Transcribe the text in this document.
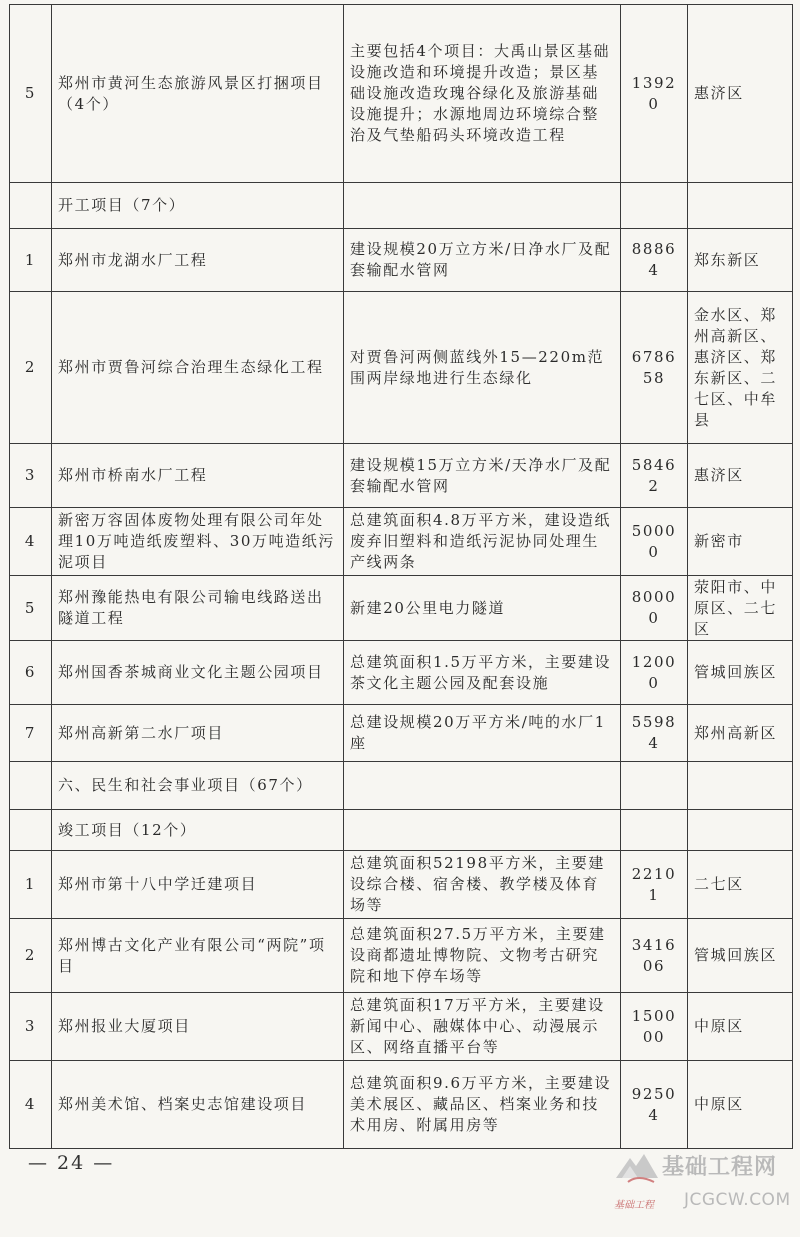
5	郑州市黄河生态旅游风景区打捆项目（4个）	主要包括4个项目：大禹山景区基础设施改造和环境提升改造；景区基础设施改造玫瑰谷绿化及旅游基础设施提升；水源地周边环境综合整治及气垫船码头环境改造工程	13920	惠济区
	开工项目（7个）			
1	郑州市龙湖水厂工程	建设规模20万立方米/日净水厂及配套输配水管网	88864	郑东新区
2	郑州市贾鲁河综合治理生态绿化工程	对贾鲁河两侧蓝线外15—220m范围两岸绿地进行生态绿化	678658	金水区、郑州高新区、惠济区、郑东新区、二七区、中牟县
3	郑州市桥南水厂工程	建设规模15万立方米/天净水厂及配套输配水管网	58462	惠济区
4	新密万容固体废物处理有限公司年处理10万吨造纸废塑料、30万吨造纸污泥项目	总建筑面积4.8万平方米，建设造纸废弃旧塑料和造纸污泥协同处理生产线两条	50000	新密市
5	郑州豫能热电有限公司输电线路送出隧道工程	新建20公里电力隧道	80000	荥阳市、中原区、二七区
6	郑州国香茶城商业文化主题公园项目	总建筑面积1.5万平方米，主要建设茶文化主题公园及配套设施	12000	管城回族区
7	郑州高新第二水厂项目	总建设规模20万平方米/吨的水厂1座	55984	郑州高新区
	六、民生和社会事业项目（67个）			
	竣工项目（12个）			
1	郑州市第十八中学迁建项目	总建筑面积52198平方米，主要建设综合楼、宿舍楼、教学楼及体育场等	22101	二七区
2	郑州博古文化产业有限公司“两院”项目	总建筑面积27.5万平方米，主要建设商都遗址博物院、文物考古研究院和地下停车场等	341606	管城回族区
3	郑州报业大厦项目	总建筑面积17万平方米，主要建设新闻中心、融媒体中心、动漫展示区、网络直播平台等	150000	中原区
4	郑州美术馆、档案史志馆建设项目	总建筑面积9.6万平方米，主要建设美术展区、藏品区、档案业务和技术用房、附属用房等	92504	中原区
— 24 —	基础工程网
基础工程 JCGCW.COM
